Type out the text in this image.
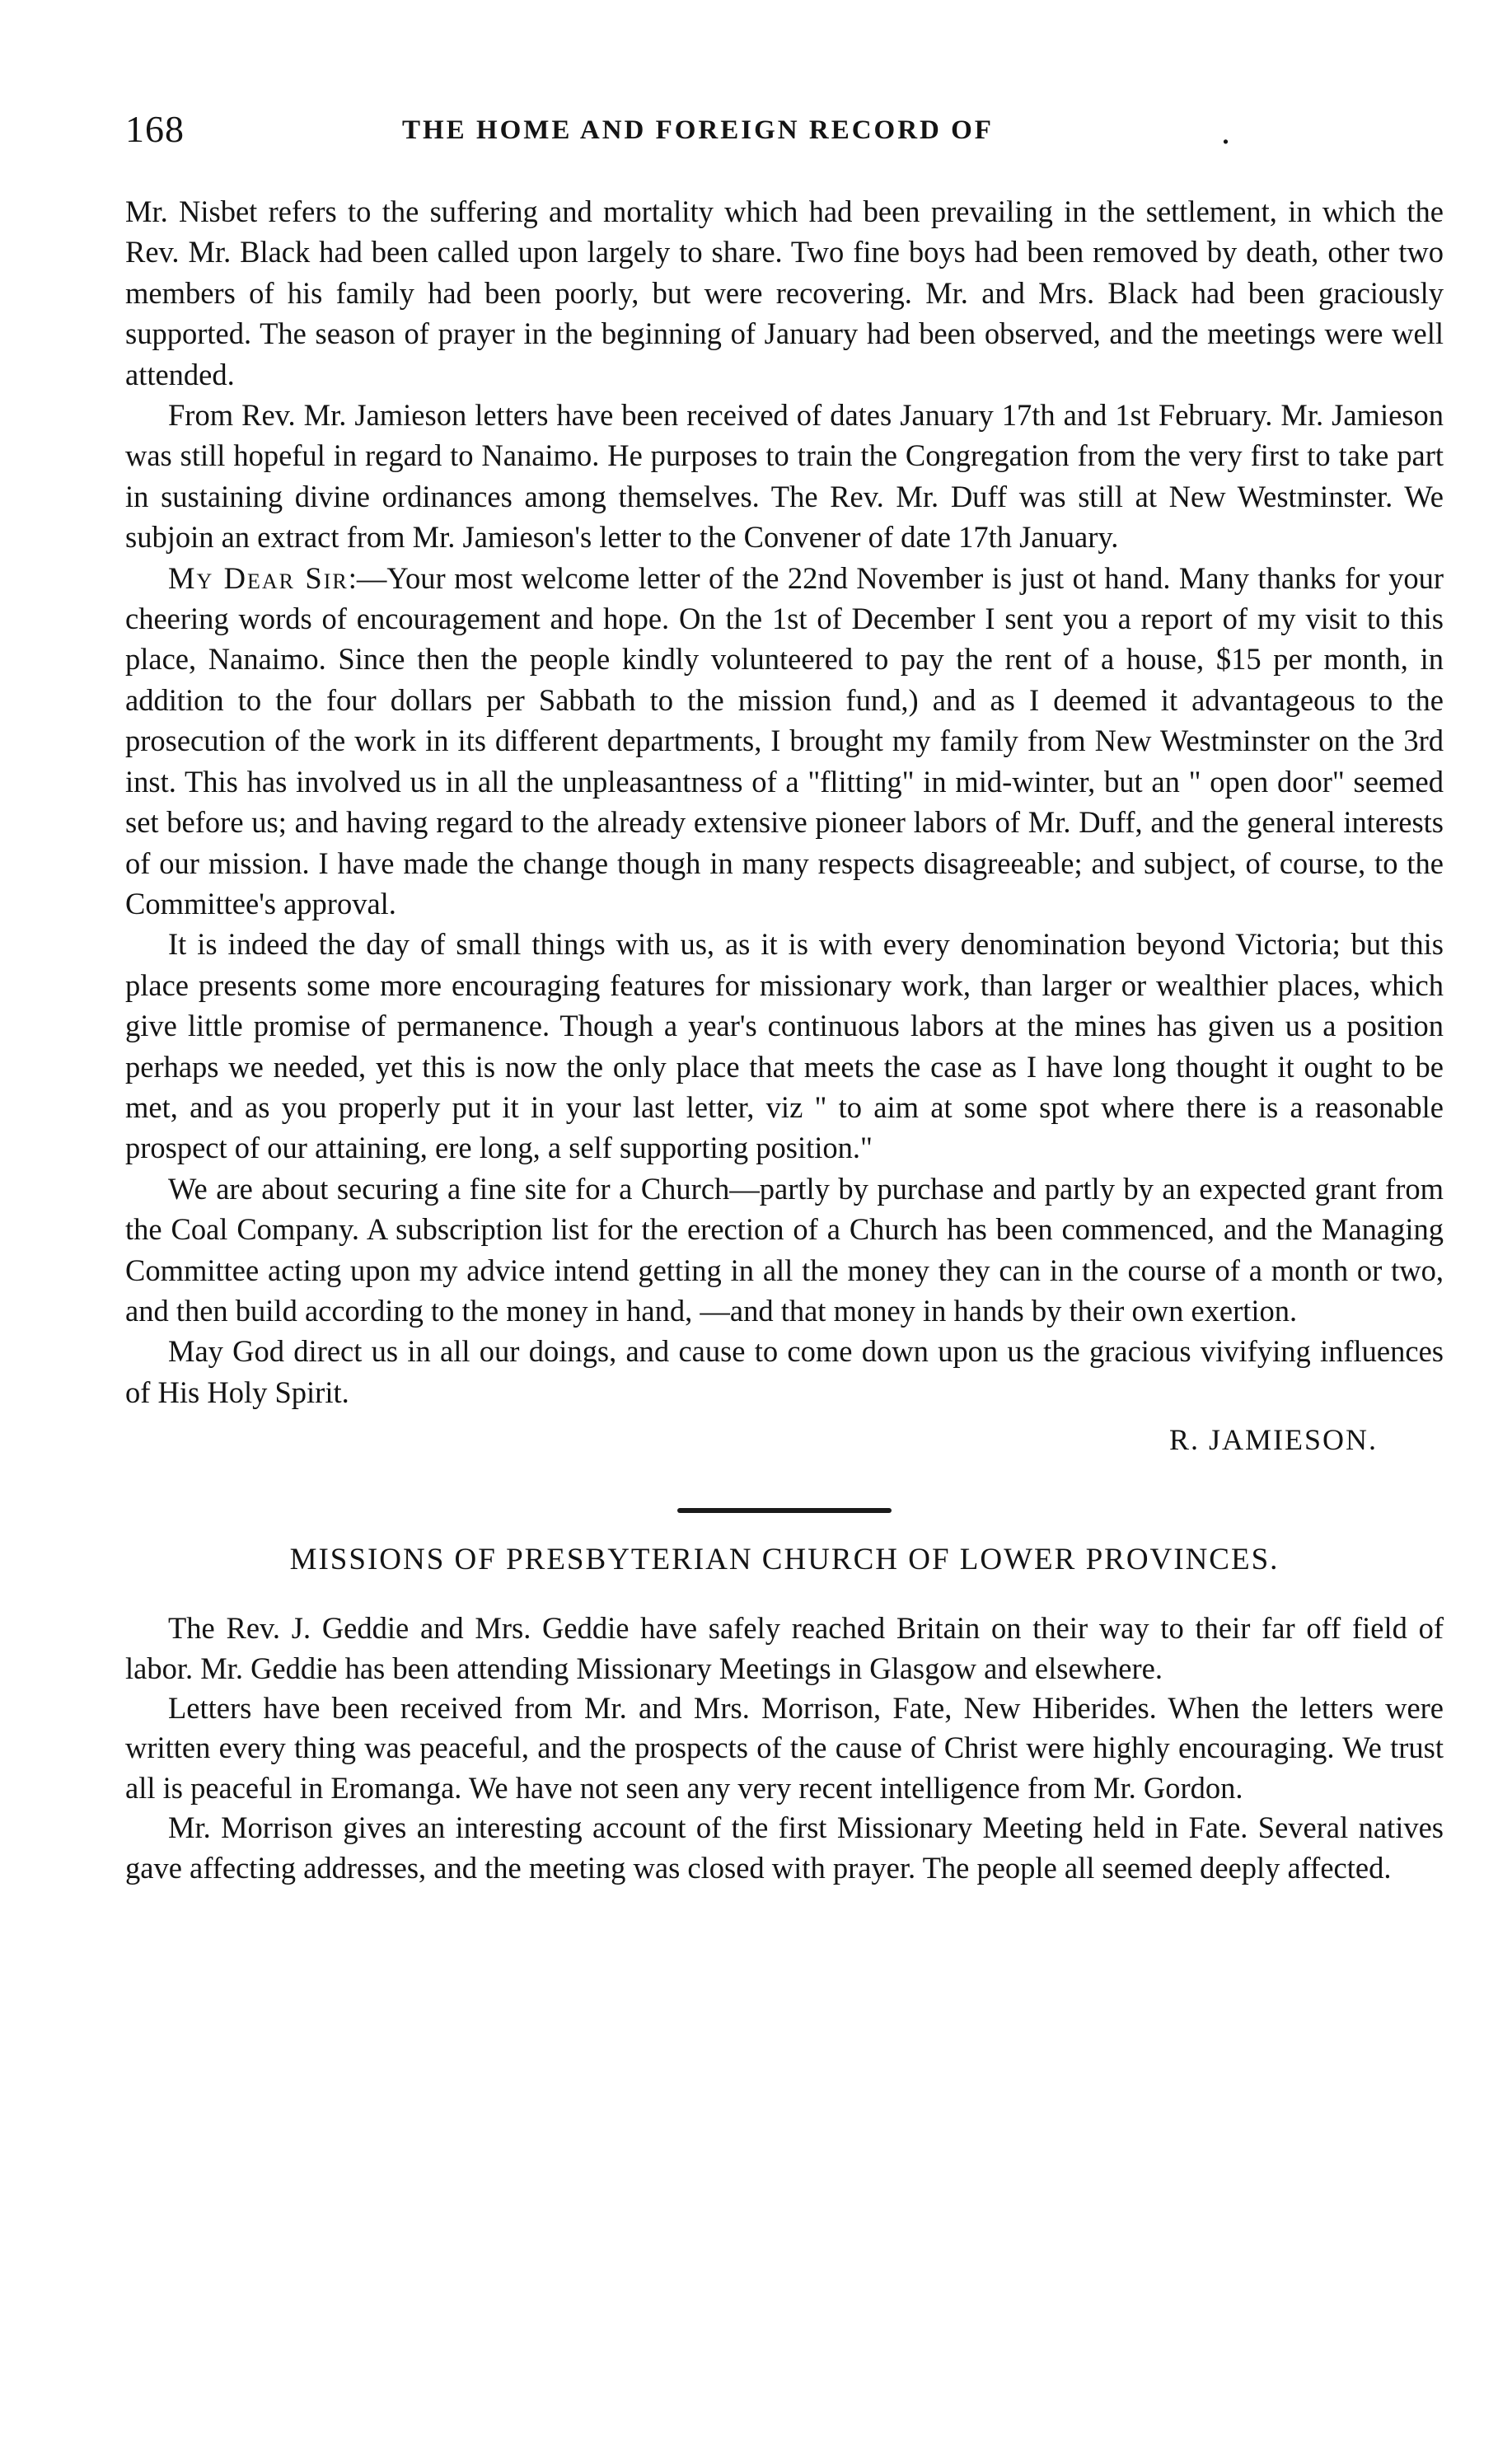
168	THE HOME AND FOREIGN RECORD OF	.

Mr. Nisbet refers to the suffering and mortality which had been prevailing in the settlement, in which the Rev. Mr. Black had been called upon largely to share. Two fine boys had been removed by death, other two members of his family had been poorly, but were recovering. Mr. and Mrs. Black had been graciously supported. The season of prayer in the beginning of January had been observed, and the meetings were well attended.

From Rev. Mr. Jamieson letters have been received of dates January 17th and 1st February. Mr. Jamieson was still hopeful in regard to Nanaimo. He purposes to train the Congregation from the very first to take part in sustaining divine ordinances among themselves. The Rev. Mr. Duff was still at New Westminster. We subjoin an extract from Mr. Jamieson's letter to the Convener of date 17th January.

My Dear Sir:—Your most welcome letter of the 22nd November is just ot hand. Many thanks for your cheering words of encouragement and hope. On the 1st of December I sent you a report of my visit to this place, Nanaimo. Since then the people kindly volunteered to pay the rent of a house, $15 per month, in addition to the four dollars per Sabbath to the mission fund,) and as I deemed it advantageous to the prosecution of the work in its different departments, I brought my family from New Westminster on the 3rd inst. This has involved us in all the unpleasantness of a "flitting" in mid-winter, but an " open door" seemed set before us; and having regard to the already extensive pioneer labors of Mr. Duff, and the general interests of our mission. I have made the change though in many respects disagreeable; and subject, of course, to the Committee's approval.

It is indeed the day of small things with us, as it is with every denomination beyond Victoria; but this place presents some more encouraging features for missionary work, than larger or wealthier places, which give little promise of permanence. Though a year's continuous labors at the mines has given us a position perhaps we needed, yet this is now the only place that meets the case as I have long thought it ought to be met, and as you properly put it in your last letter, viz " to aim at some spot where there is a reasonable prospect of our attaining, ere long, a self supporting position."

We are about securing a fine site for a Church—partly by purchase and partly by an expected grant from the Coal Company. A subscription list for the erection of a Church has been commenced, and the Managing Committee acting upon my advice intend getting in all the money they can in the course of a month or two, and then build according to the money in hand, —and that money in hands by their own exertion.

May God direct us in all our doings, and cause to come down upon us the gracious vivifying influences of His Holy Spirit.

R. JAMIESON.
MISSIONS OF PRESBYTERIAN CHURCH OF LOWER PROVINCES.

The Rev. J. Geddie and Mrs. Geddie have safely reached Britain on their way to their far off field of labor. Mr. Geddie has been attending Missionary Meetings in Glasgow and elsewhere.

Letters have been received from Mr. and Mrs. Morrison, Fate, New Hiberides. When the letters were written every thing was peaceful, and the prospects of the cause of Christ were highly encouraging. We trust all is peaceful in Eromanga. We have not seen any very recent intelligence from Mr. Gordon.

Mr. Morrison gives an interesting account of the first Missionary Meeting held in Fate. Several natives gave affecting addresses, and the meeting was closed with prayer. The people all seemed deeply affected.
